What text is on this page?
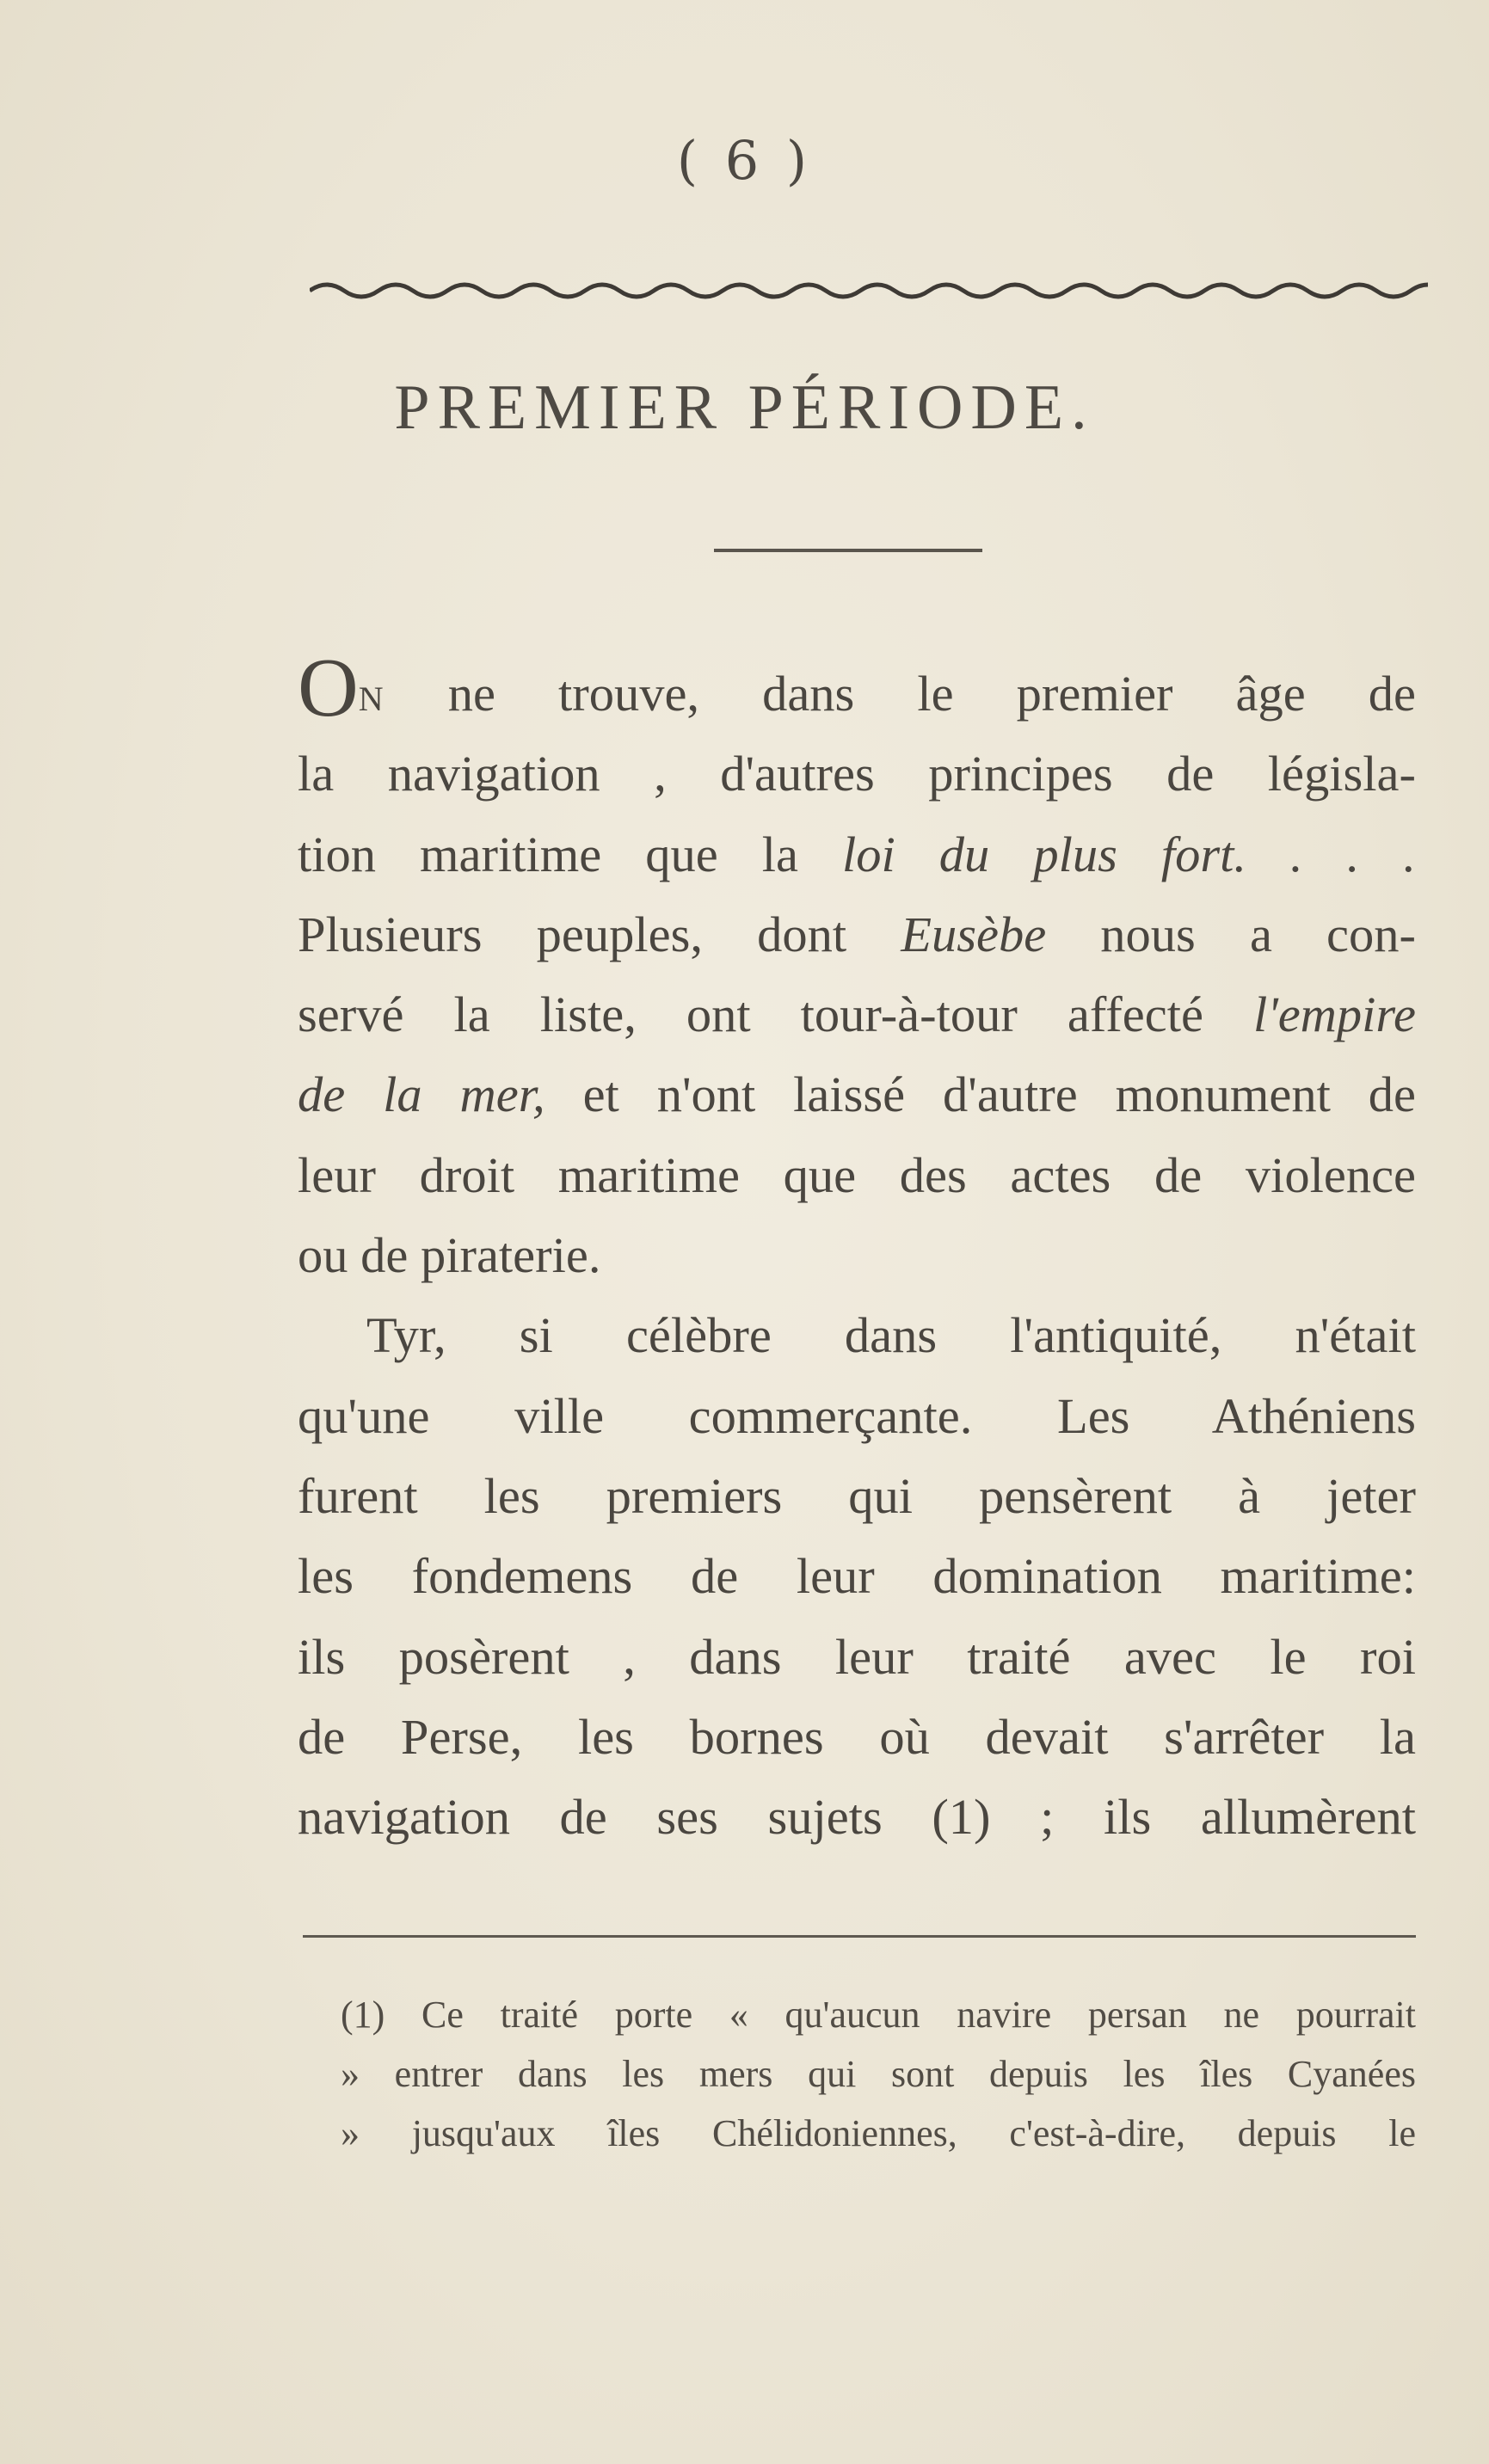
( 6 )
PREMIER PÉRIODE.
ON ne trouve, dans le premier âge de
la navigation , d'autres principes de législa-
tion maritime que la loi du plus fort. . . .
Plusieurs peuples, dont Eusèbe nous a con-
servé la liste, ont tour-à-tour affecté l'empire
de la mer, et n'ont laissé d'autre monument de
leur droit maritime que des actes de violence
ou de piraterie.
Tyr, si célèbre dans l'antiquité, n'était
qu'une ville commerçante. Les Athéniens
furent les premiers qui pensèrent à jeter
les fondemens de leur domination maritime:
ils posèrent , dans leur traité avec le roi
de Perse, les bornes où devait s'arrêter la
navigation de ses sujets (1) ; ils allumèrent
(1) Ce traité porte « qu'aucun navire persan ne pourrait
» entrer dans les mers qui sont depuis les îles Cyanées
» jusqu'aux îles Chélidoniennes, c'est-à-dire, depuis le
